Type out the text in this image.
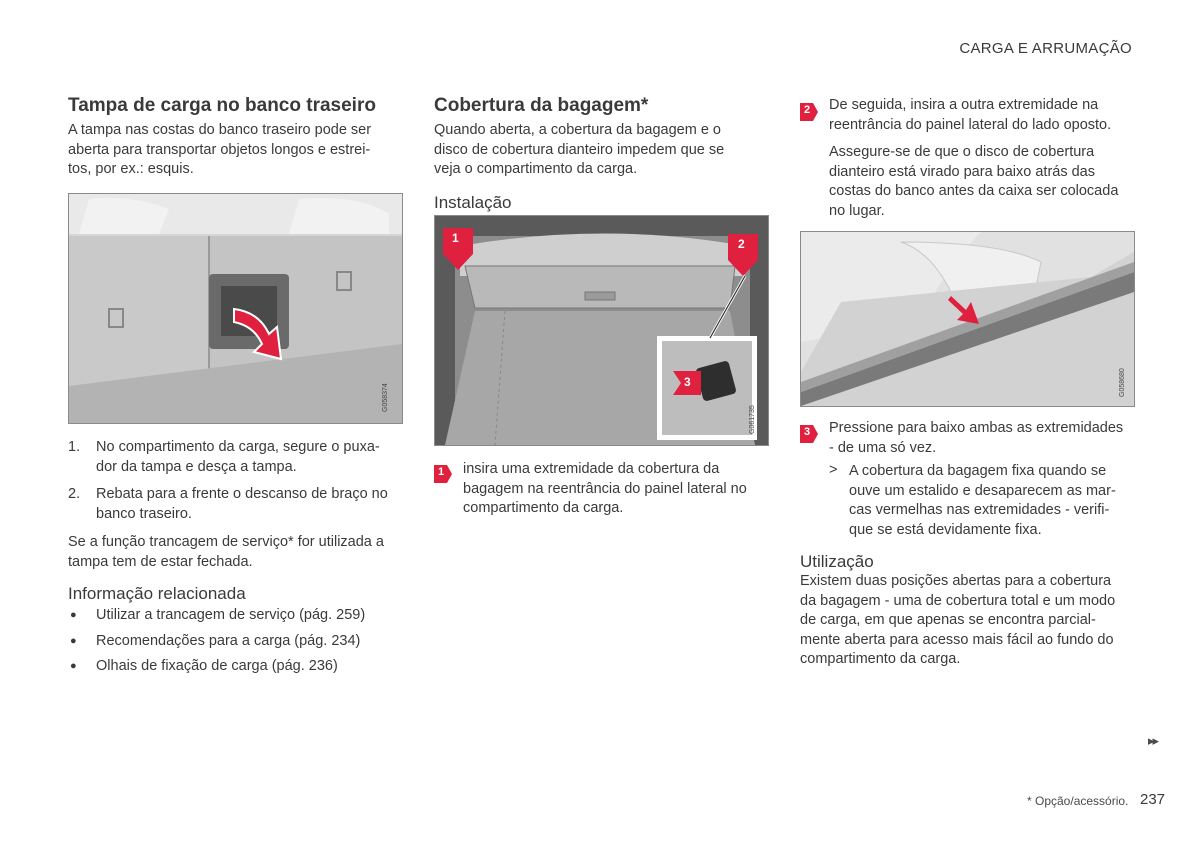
CARGA E ARRUMAÇÃO
Tampa de carga no banco traseiro

A tampa nas costas do banco traseiro pode ser

aberta para transportar objetos longos e estrei-

tos, por ex.: esquis.

G058374
1. No compartimento da carga, segure o puxa-
dor da tampa e desça a tampa.
2. Rebata para a frente o descanso de braço no
banco traseiro.

Se a função trancagem de serviço* for utilizada a

tampa tem de estar fechada.

Informação relacionada
● Utilizar a trancagem de serviço (pág. 259)
● Recomendações para a carga (pág. 234)
● Olhais de fixação de carga (pág. 236)
Cobertura da bagagem*

Quando aberta, a cobertura da bagagem e o

disco de cobertura dianteiro impedem que se

veja o compartimento da carga.

Instalação
1	2
3
G061735
1 insira uma extremidade da cobertura da

bagagem na reentrância do painel lateral no

compartimento da carga.

2 De seguida, insira a outra extremidade na

reentrância do painel lateral do lado oposto.

Assegure-se de que o disco de cobertura

dianteiro está virado para baixo atrás das

costas do banco antes da caixa ser colocada

no lugar.

G058680
3 Pressione para baixo ambas as extremidades

- de uma só vez.

> A cobertura da bagagem fixa quando se

ouve um estalido e desaparecem as mar-

cas vermelhas nas extremidades - verifi-

que se está devidamente fixa.

Utilização

Existem duas posições abertas para a cobertura

da bagagem - uma de cobertura total e um modo

de carga, em que apenas se encontra parcial-

mente aberta para acesso mais fácil ao fundo do

compartimento da carga.

▸▸
* Opção/acessório. 237
